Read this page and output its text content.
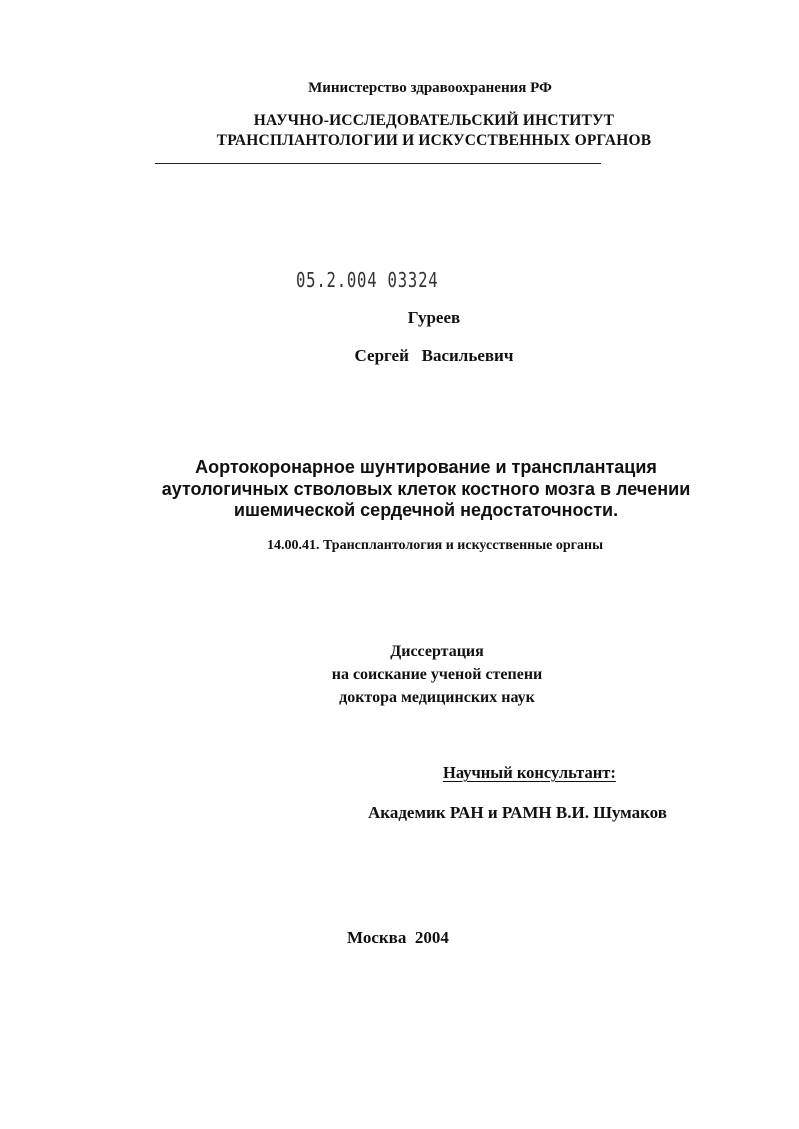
Министерство здравоохранения РФ
НАУЧНО-ИССЛЕДОВАТЕЛЬСКИЙ ИНСТИТУТ
ТРАНСПЛАНТОЛОГИИ И ИСКУССТВЕННЫХ ОРГАНОВ
05.2.004 03324
Гуреев
Сергей   Васильевич
Аортокоронарное шунтирование и трансплантация
аутологичных стволовых клеток костного мозга в лечении
ишемической сердечной недостаточности.
14.00.41. Трансплантология и искусственные органы
Диссертация
на соискание ученой степени
доктора медицинских наук
Научный консультант:
Академик РАН и РАМН В.И. Шумаков
Москва  2004
